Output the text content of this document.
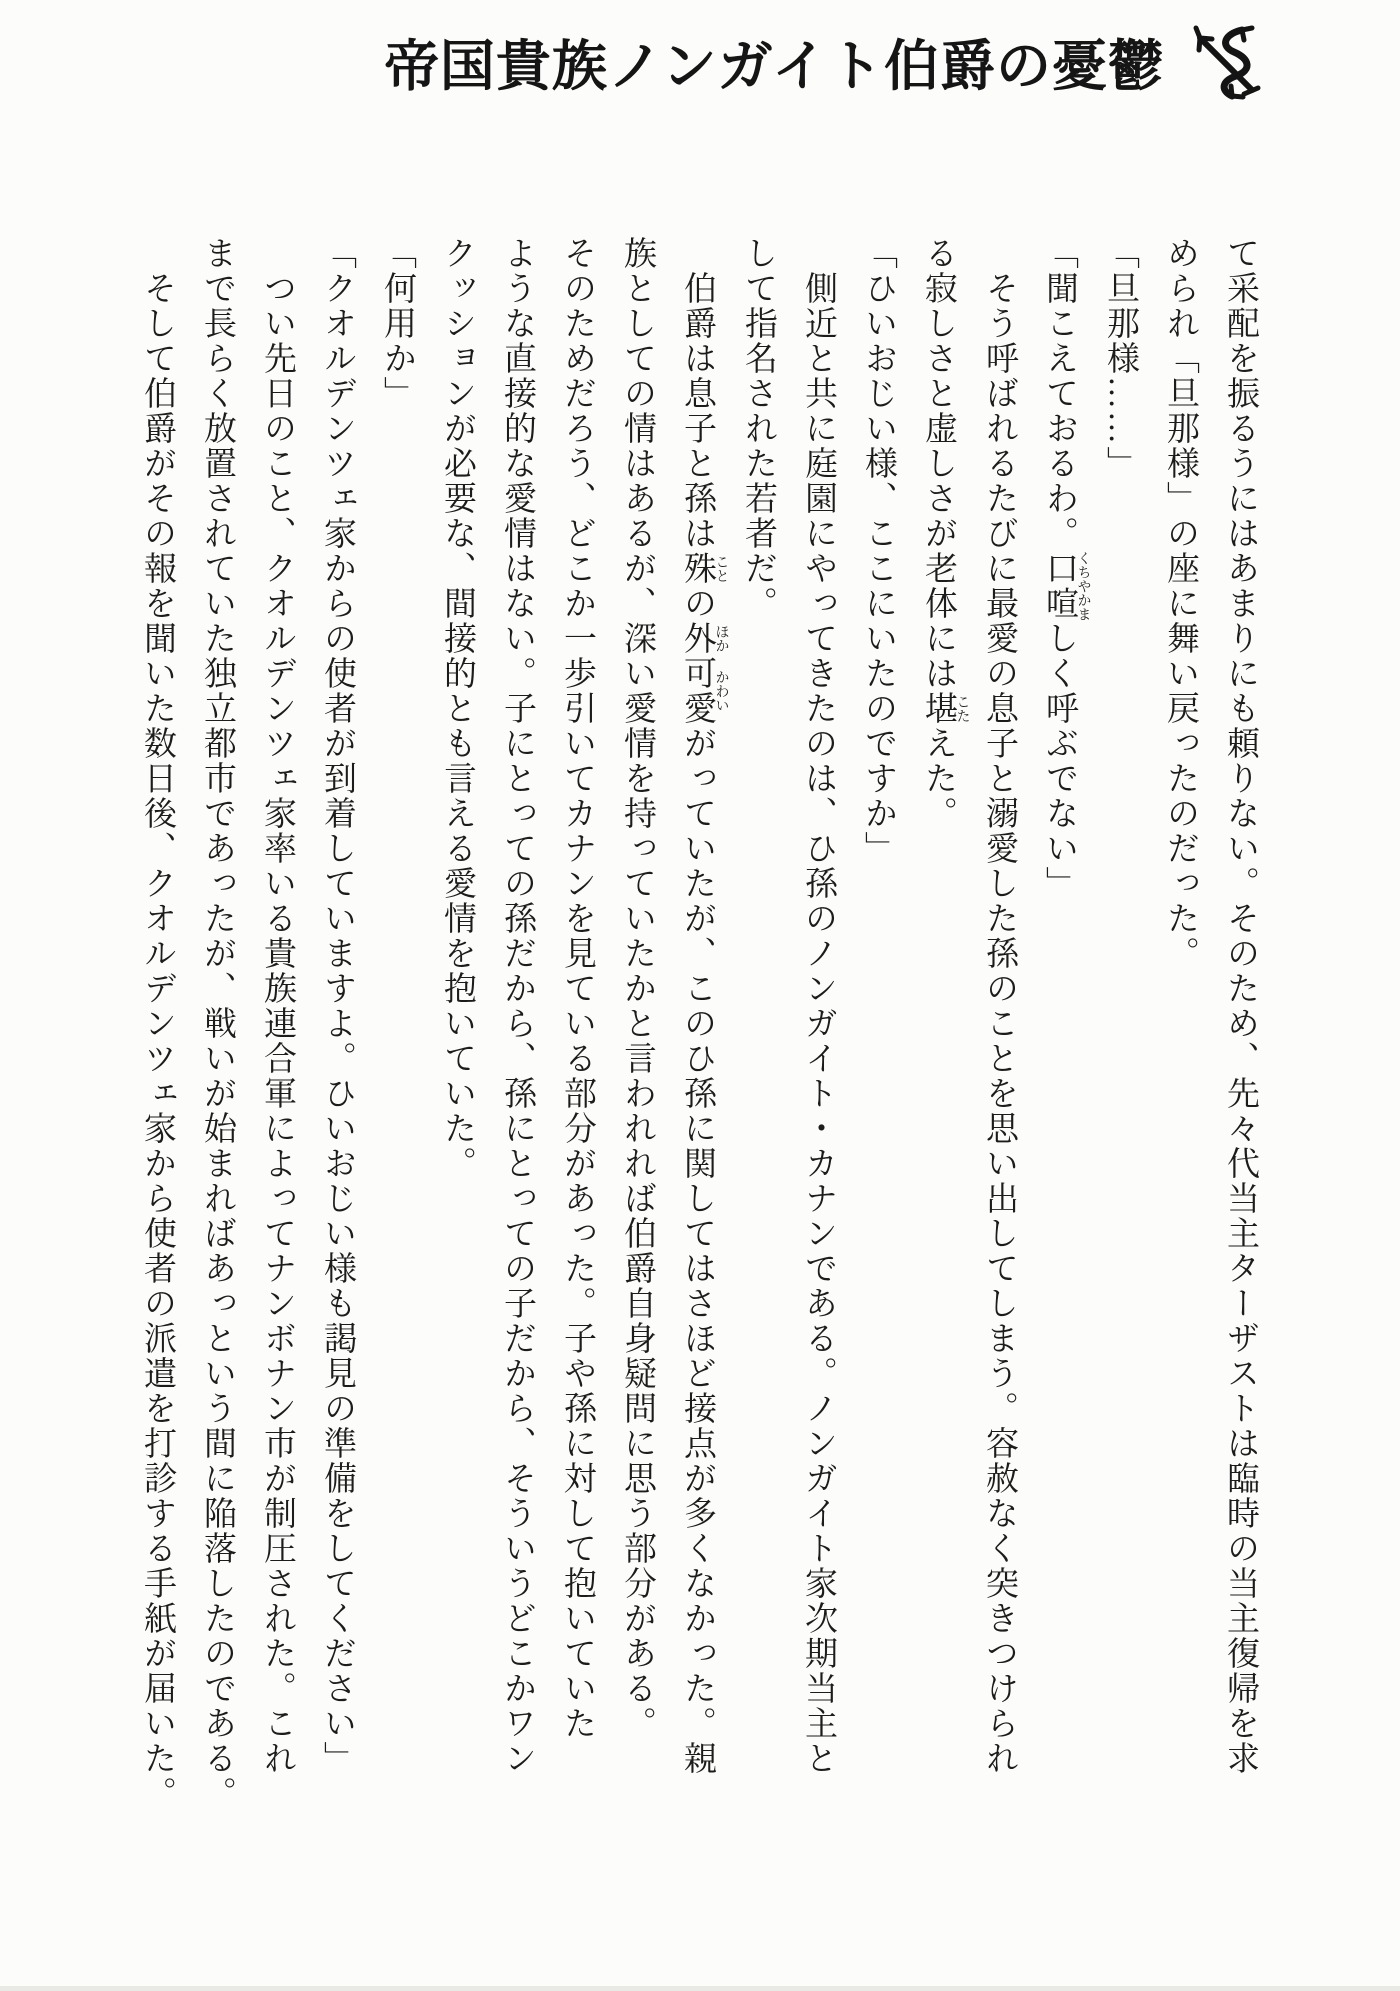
帝国貴族ノンガイト伯爵の憂鬱

て采配を振るうにはあまりにも頼りない。そのため、先々代当主ターザストは臨時の当主復帰を求

められ「旦那様」の座に舞い戻ったのだった。

「旦那様……」

「聞こえておるわ。口喧くちやかましく呼ぶでない」

　そう呼ばれるたびに最愛の息子と溺愛した孫のことを思い出してしまう。容赦なく突きつけられ

る寂しさと虚しさが老体には堪こたえた。

「ひいおじい様、ここにいたのですか」

　側近と共に庭園にやってきたのは、ひ孫のノンガイト・カナンである。ノンガイト家次期当主と

して指名された若者だ。

　伯爵は息子と孫は殊ことの外ほか可愛かわいがっていたが、このひ孫に関してはさほど接点が多くなかった。親

族としての情はあるが、深い愛情を持っていたかと言われれば伯爵自身疑問に思う部分がある。

そのためだろう、どこか一歩引いてカナンを見ている部分があった。子や孫に対して抱いていた

ような直接的な愛情はない。子にとっての孫だから、孫にとっての子だから、そういうどこかワン

クッションが必要な、間接的とも言える愛情を抱いていた。

「何用か」

「クオルデンツェ家からの使者が到着していますよ。ひいおじい様も謁見の準備をしてください」

　つい先日のこと、クオルデンツェ家率いる貴族連合軍によってナンボナン市が制圧された。これ

まで長らく放置されていた独立都市であったが、戦いが始まればあっという間に陥落したのである。

　そして伯爵がその報を聞いた数日後、クオルデンツェ家から使者の派遣を打診する手紙が届いた。
